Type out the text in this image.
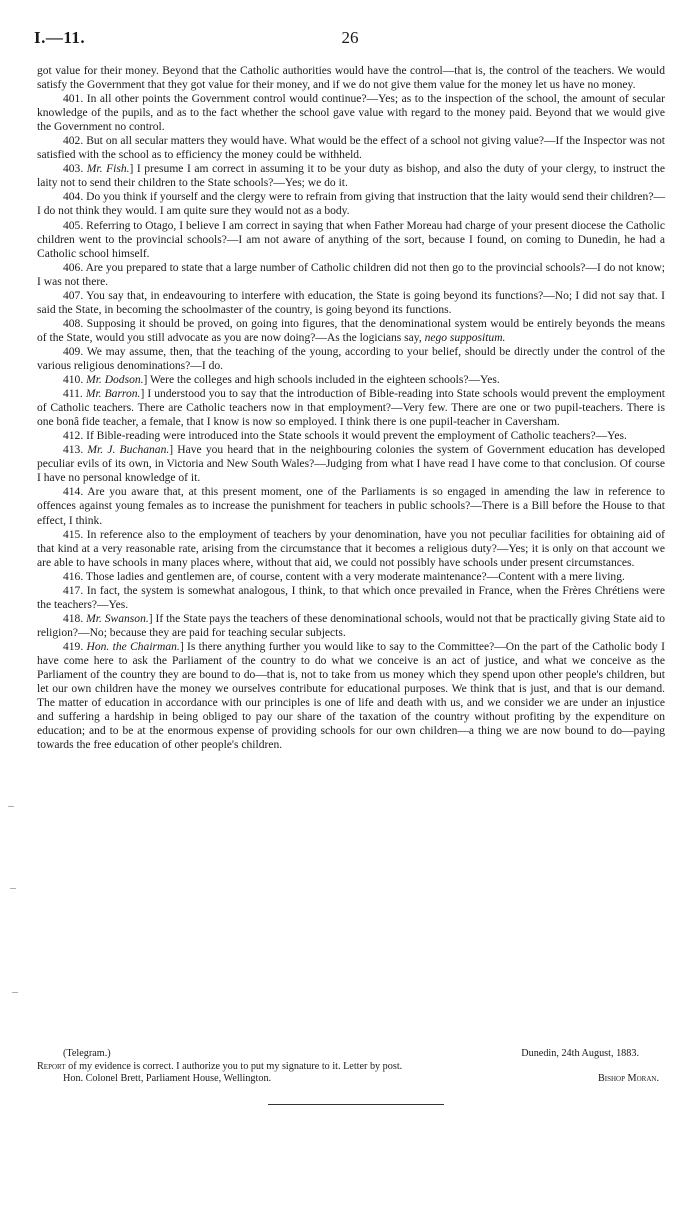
I.—11.	26

got value for their money. Beyond that the Catholic authorities would have the control—that is, the control of the teachers. We would satisfy the Government that they got value for their money, and if we do not give them value for the money let us have no money.

401. In all other points the Government control would continue?—Yes; as to the inspection of the school, the amount of secular knowledge of the pupils, and as to the fact whether the school gave value with regard to the money paid. Beyond that we would give the Government no control.

402. But on all secular matters they would have. What would be the effect of a school not giving value?—If the Inspector was not satisfied with the school as to efficiency the money could be withheld.

403. Mr. Fish.] I presume I am correct in assuming it to be your duty as bishop, and also the duty of your clergy, to instruct the laity not to send their children to the State schools?—Yes; we do it.

404. Do you think if yourself and the clergy were to refrain from giving that instruction that the laity would send their children?—I do not think they would. I am quite sure they would not as a body.

405. Referring to Otago, I believe I am correct in saying that when Father Moreau had charge of your present diocese the Catholic children went to the provincial schools?—I am not aware of anything of the sort, because I found, on coming to Dunedin, he had a Catholic school himself.

406. Are you prepared to state that a large number of Catholic children did not then go to the provincial schools?—I do not know; I was not there.

407. You say that, in endeavouring to interfere with education, the State is going beyond its functions?—No; I did not say that. I said the State, in becoming the schoolmaster of the country, is going beyond its functions.

408. Supposing it should be proved, on going into figures, that the denominational system would be entirely beyonds the means of the State, would you still advocate as you are now doing?—As the logicians say, nego suppositum.

409. We may assume, then, that the teaching of the young, according to your belief, should be directly under the control of the various religious denominations?—I do.

410. Mr. Dodson.] Were the colleges and high schools included in the eighteen schools?—Yes.

411. Mr. Barron.] I understood you to say that the introduction of Bible-reading into State schools would prevent the employment of Catholic teachers. There are Catholic teachers now in that employment?—Very few. There are one or two pupil-teachers. There is one bonâ fide teacher, a female, that I know is now so employed. I think there is one pupil-teacher in Caversham.

412. If Bible-reading were introduced into the State schools it would prevent the employment of Catholic teachers?—Yes.

413. Mr. J. Buchanan.] Have you heard that in the neighbouring colonies the system of Government education has developed peculiar evils of its own, in Victoria and New South Wales?—Judging from what I have read I have come to that conclusion. Of course I have no personal knowledge of it.

414. Are you aware that, at this present moment, one of the Parliaments is so engaged in amending the law in reference to offences against young females as to increase the punishment for teachers in public schools?—There is a Bill before the House to that effect, I think.

415. In reference also to the employment of teachers by your denomination, have you not peculiar facilities for obtaining aid of that kind at a very reasonable rate, arising from the circumstance that it becomes a religious duty?—Yes; it is only on that account we are able to have schools in many places where, without that aid, we could not possibly have schools under present circumstances.

416. Those ladies and gentlemen are, of course, content with a very moderate maintenance?—Content with a mere living.

417. In fact, the system is somewhat analogous, I think, to that which once prevailed in France, when the Frères Chrétiens were the teachers?—Yes.

418. Mr. Swanson.] If the State pays the teachers of these denominational schools, would not that be practically giving State aid to religion?—No; because they are paid for teaching secular subjects.

419. Hon. the Chairman.] Is there anything further you would like to say to the Committee?—On the part of the Catholic body I have come here to ask the Parliament of the country to do what we conceive is an act of justice, and what we conceive as the Parliament of the country they are bound to do—that is, not to take from us money which they spend upon other people's children, but let our own children have the money we ourselves contribute for educational purposes. We think that is just, and that is our demand. The matter of education in accordance with our principles is one of life and death with us, and we consider we are under an injustice and suffering a hardship in being obliged to pay our share of the taxation of the country without profiting by the expenditure on education; and to be at the enormous expense of providing schools for our own children—a thing we are now bound to do—paying towards the free education of other people's children.

(Telegram.)	Dunedin, 24th August, 1883.
Report of my evidence is correct. I authorize you to put my signature to it. Letter by post.
Hon. Colonel Brett, Parliament House, Wellington.	Bishop Moran.
–
–
–
